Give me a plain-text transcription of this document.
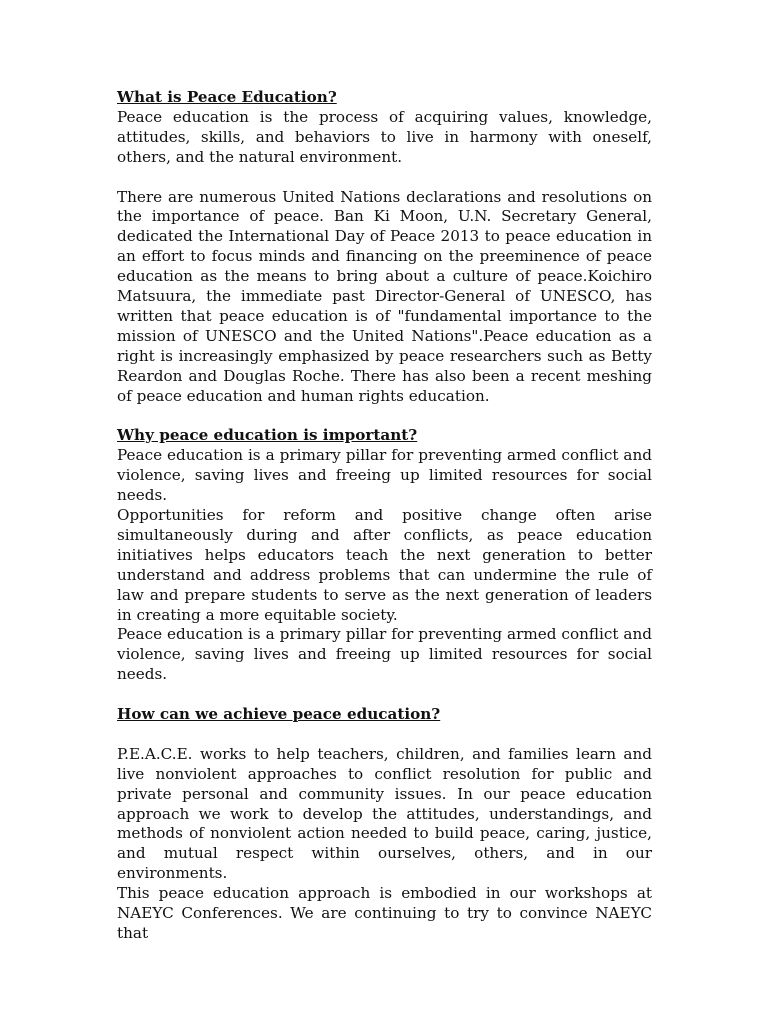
What is Peace Education?

Peace education is the process of acquiring values, knowledge, attitudes, skills, and behaviors to live in harmony with oneself, others, and the natural environment.

There are numerous United Nations declarations and resolutions on the importance of peace. Ban Ki Moon, U.N. Secretary General, dedicated the International Day of Peace 2013 to peace education in an effort to focus minds and financing on the preeminence of peace education as the means to bring about a culture of peace.Koichiro Matsuura, the immediate past Director-General of UNESCO, has written that peace education is of "fundamental importance to the mission of UNESCO and the United Nations".Peace education as a right is increasingly emphasized by peace researchers such as Betty Reardon and Douglas Roche. There has also been a recent meshing of peace education and human rights education.

Why peace education is important?

Peace education is a primary pillar for preventing armed conflict and violence, saving lives and freeing up limited resources for social needs.

Opportunities for reform and positive change often arise simultaneously during and after conflicts, as peace education initiatives helps educators teach the next generation to better understand and address problems that can undermine the rule of law and prepare students to serve as the next generation of leaders in creating a more equitable society.

Peace education is a primary pillar for preventing armed conflict and violence, saving lives and freeing up limited resources for social needs.

How can we achieve peace education?

P.E.A.C.E. works to help teachers, children, and families learn and live nonviolent approaches to conflict resolution for public and private personal and community issues. In our peace education approach we work to develop the attitudes, understandings, and methods of nonviolent action needed to build peace, caring, justice, and mutual respect within ourselves, others, and in our environments.

This peace education approach is embodied in our workshops at NAEYC Conferences. We are continuing to try to convince NAEYC that
